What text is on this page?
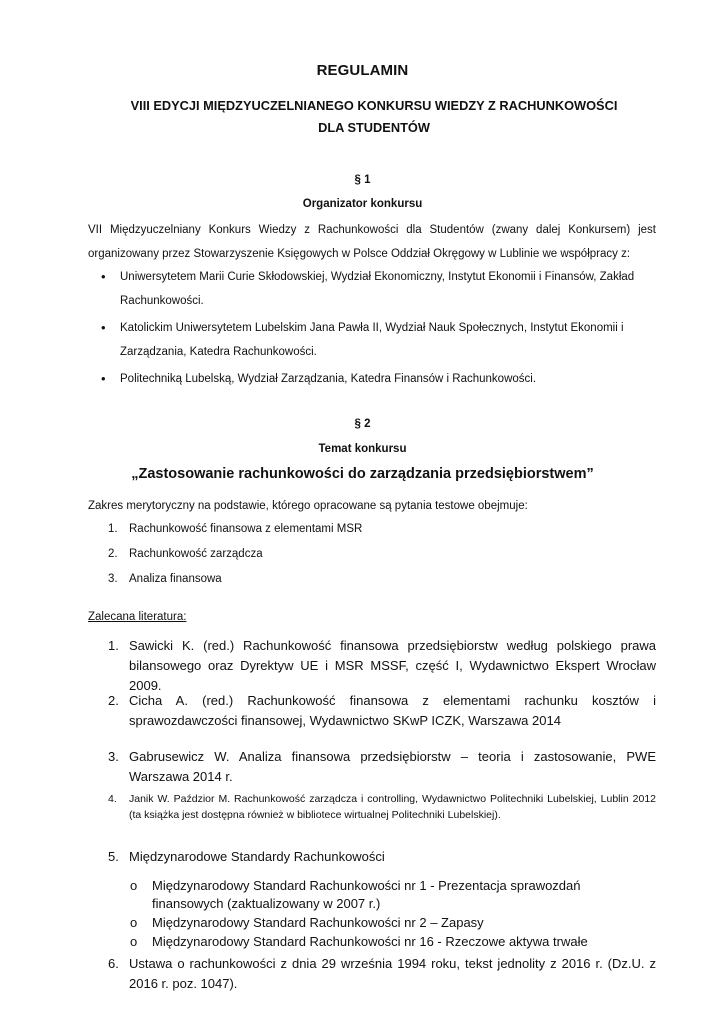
REGULAMIN
VIII EDYCJI MIĘDZYUCZELNIANEGO KONKURSU WIEDZY Z RACHUNKOWOŚCI
DLA STUDENTÓW
§ 1
Organizator konkursu
VII Międzyuczelniany Konkurs Wiedzy z Rachunkowości dla Studentów (zwany dalej Konkursem) jest organizowany przez Stowarzyszenie Księgowych w Polsce Oddział Okręgowy w Lublinie we współpracy z:
• Uniwersytetem Marii Curie Skłodowskiej, Wydział Ekonomiczny, Instytut Ekonomii i Finansów, Zakład Rachunkowości.
• Katolickim Uniwersytetem Lubelskim Jana Pawła II, Wydział Nauk Społecznych, Instytut Ekonomii i Zarządzania, Katedra Rachunkowości.
• Politechniką Lubelską, Wydział Zarządzania, Katedra Finansów i Rachunkowości.
§ 2
Temat konkursu
„Zastosowanie rachunkowości do zarządzania przedsiębiorstwem”
Zakres merytoryczny na podstawie, którego opracowane są pytania testowe obejmuje:
1. Rachunkowość finansowa z elementami MSR
2. Rachunkowość zarządcza
3. Analiza finansowa
Zalecana literatura:
1. Sawicki K. (red.) Rachunkowość finansowa przedsiębiorstw według polskiego prawa bilansowego oraz Dyrektyw UE i MSR MSSF, część I, Wydawnictwo Ekspert Wrocław 2009.
2. Cicha A. (red.) Rachunkowość finansowa z elementami rachunku kosztów i sprawozdawczości finansowej, Wydawnictwo SKwP ICZK, Warszawa 2014
3. Gabrusewicz W. Analiza finansowa przedsiębiorstw – teoria i zastosowanie, PWE Warszawa 2014 r.
4. Janik W. Paździor M. Rachunkowość zarządcza i controlling, Wydawnictwo Politechniki Lubelskiej, Lublin 2012 (ta książka jest dostępna również w bibliotece wirtualnej Politechniki Lubelskiej).
5. Międzynarodowe Standardy Rachunkowości
6. Ustawa o rachunkowości z dnia 29 września 1994 roku, tekst jednolity z 2016 r. (Dz.U. z 2016 r. poz. 1047).
o Międzynarodowy Standard Rachunkowości nr 1 - Prezentacja sprawozdań finansowych (zaktualizowany w 2007 r.)
o Międzynarodowy Standard Rachunkowości nr 2 – Zapasy
o Międzynarodowy Standard Rachunkowości nr 16 - Rzeczowe aktywa trwałe
